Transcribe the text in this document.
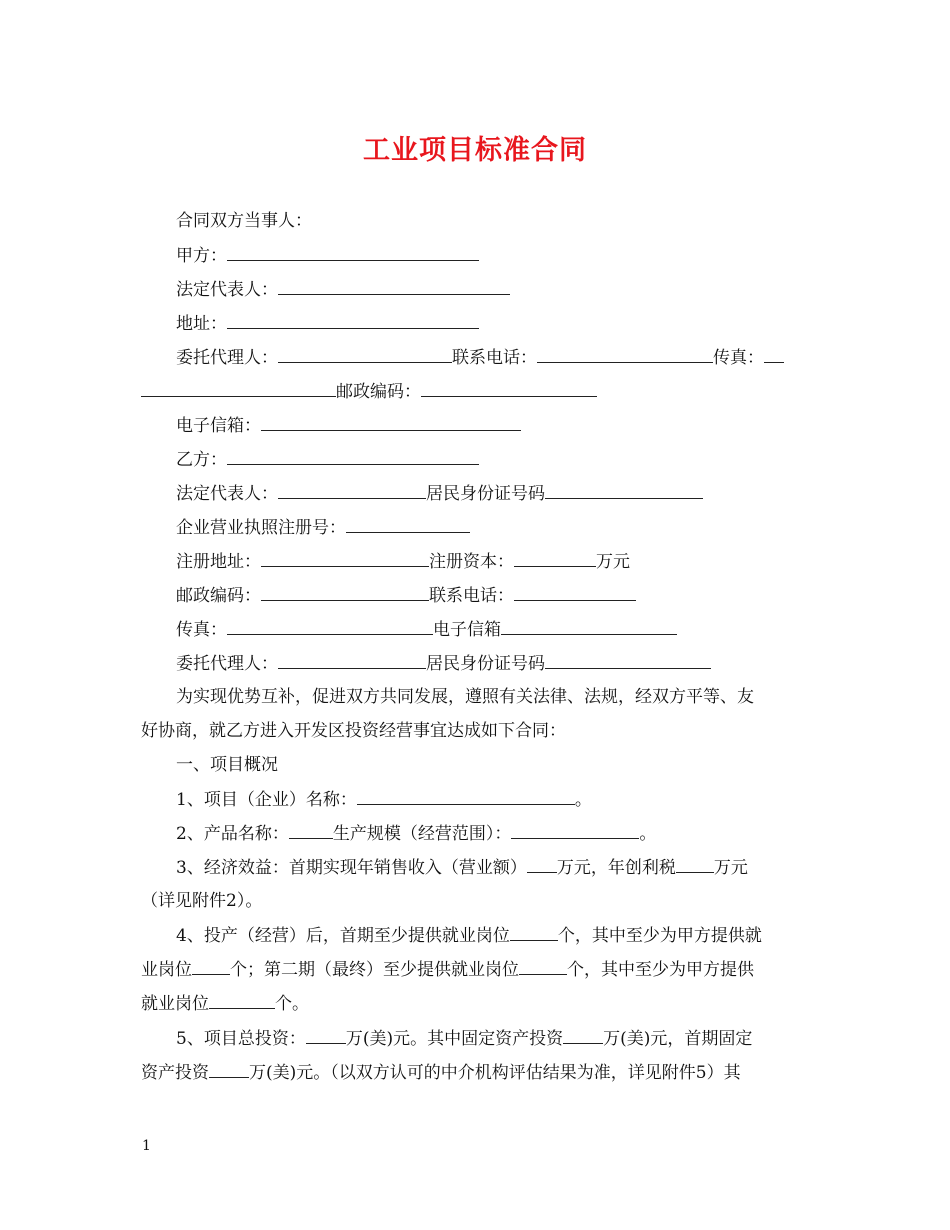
工业项目标准合同
合同双方当事人：
甲方：
法定代表人：
地址：
委托代理人：	联系电话：	传真：
邮政编码：
电子信箱：
乙方：
法定代表人：	居民身份证号码
企业营业执照注册号：
注册地址：	注册资本：	万元
邮政编码：	联系电话：
传真：	电子信箱
委托代理人：	居民身份证号码
为实现优势互补，促进双方共同发展，遵照有关法律、法规，经双方平等、友
好协商，就乙方进入开发区投资经营事宜达成如下合同：
一、项目概况
1、项目（企业）名称：	。
2、产品名称：	生产规模（经营范围）：	。
3、经济效益：首期实现年销售收入（营业额） 万元，年创利税 万元
（详见附件2）。
4、投产（经营）后，首期至少提供就业岗位	个，其中至少为甲方提供就
业岗位 个；第二期（最终）至少提供就业岗位	个，其中至少为甲方提供
就业岗位	个。
5、项目总投资： 万(美)元。其中固定资产投资 万(美)元，首期固定
资产投资 万(美)元。（以双方认可的中介机构评估结果为准，详见附件5）其
1
